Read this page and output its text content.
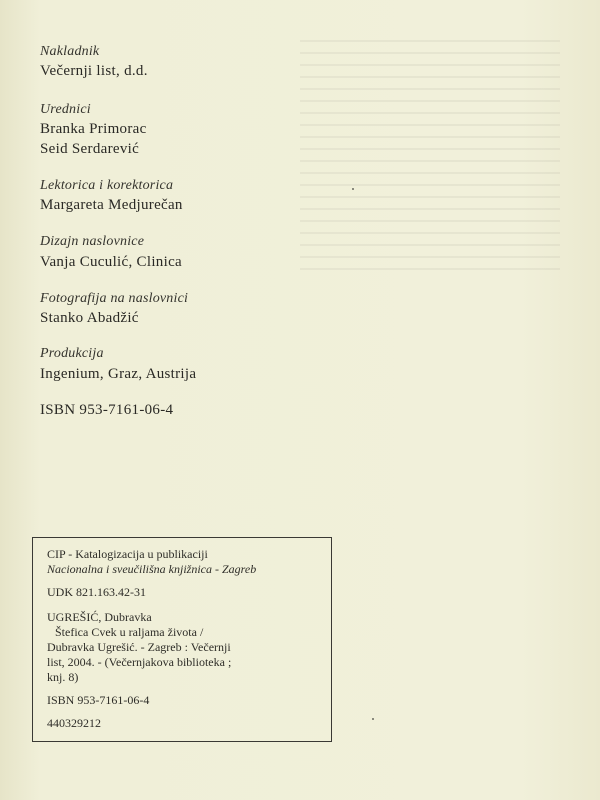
Nakladnik
Večernji list, d.d.
Urednici
Branka Primorac
Seid Serdarević
Lektorica i korektorica
Margareta Medjurečan
Dizajn naslovnice
Vanja Cuculić, Clinica
Fotografija na naslovnici
Stanko Abadžić
Produkcija
Ingenium, Graz, Austrija
ISBN 953-7161-06-4
CIP - Katalogizacija u publikaciji
Nacionalna i sveučilišna knjižnica - Zagreb
UDK 821.163.42-31
UGREŠIĆ, Dubravka
Štefica Cvek u raljama života /
Dubravka Ugrešić. - Zagreb : Večernji
list, 2004. - (Večernjakova biblioteka ;
knj. 8)
ISBN 953-7161-06-4
440329212
